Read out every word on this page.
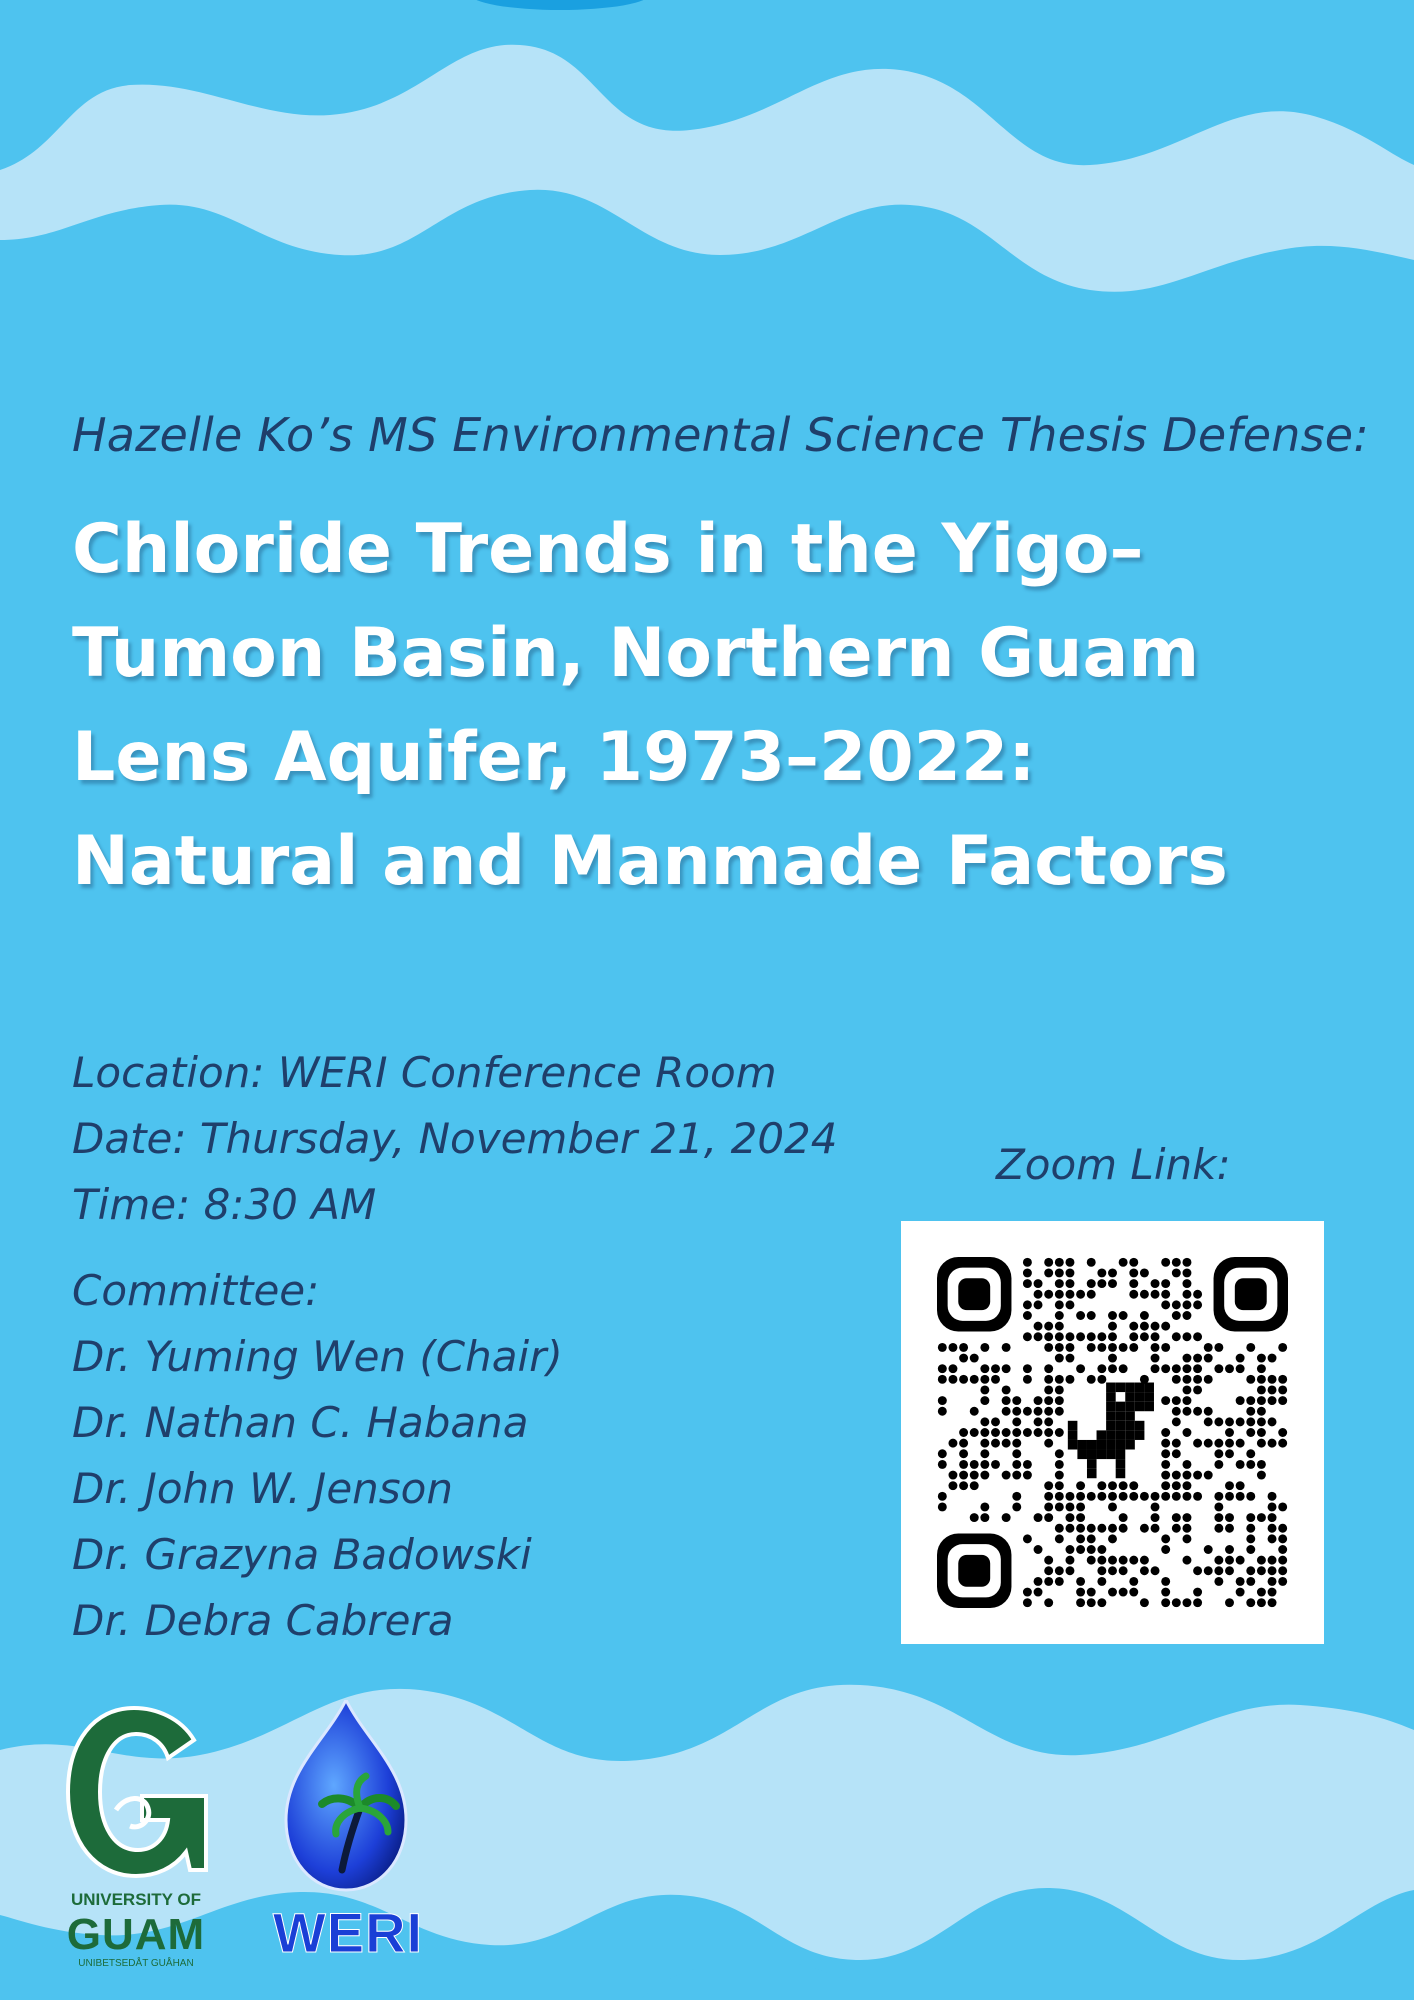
Hazelle Ko’s MS Environmental Science Thesis Defense:
Chloride Trends in the Yigo–
Tumon Basin, Northern Guam
Lens Aquifer, 1973–2022:
Natural and Manmade Factors
Location: WERI Conference Room
Date: Thursday, November 21, 2024
Time: 8:30 AM
Committee:
Dr. Yuming Wen (Chair)
Dr. Nathan C. Habana
Dr. John W. Jenson
Dr. Grazyna Badowski
Dr. Debra Cabrera
Zoom Link:
UNIVERSITY OF
GUAM
UNIBETSEDÅT GUÅHAN	WERI
